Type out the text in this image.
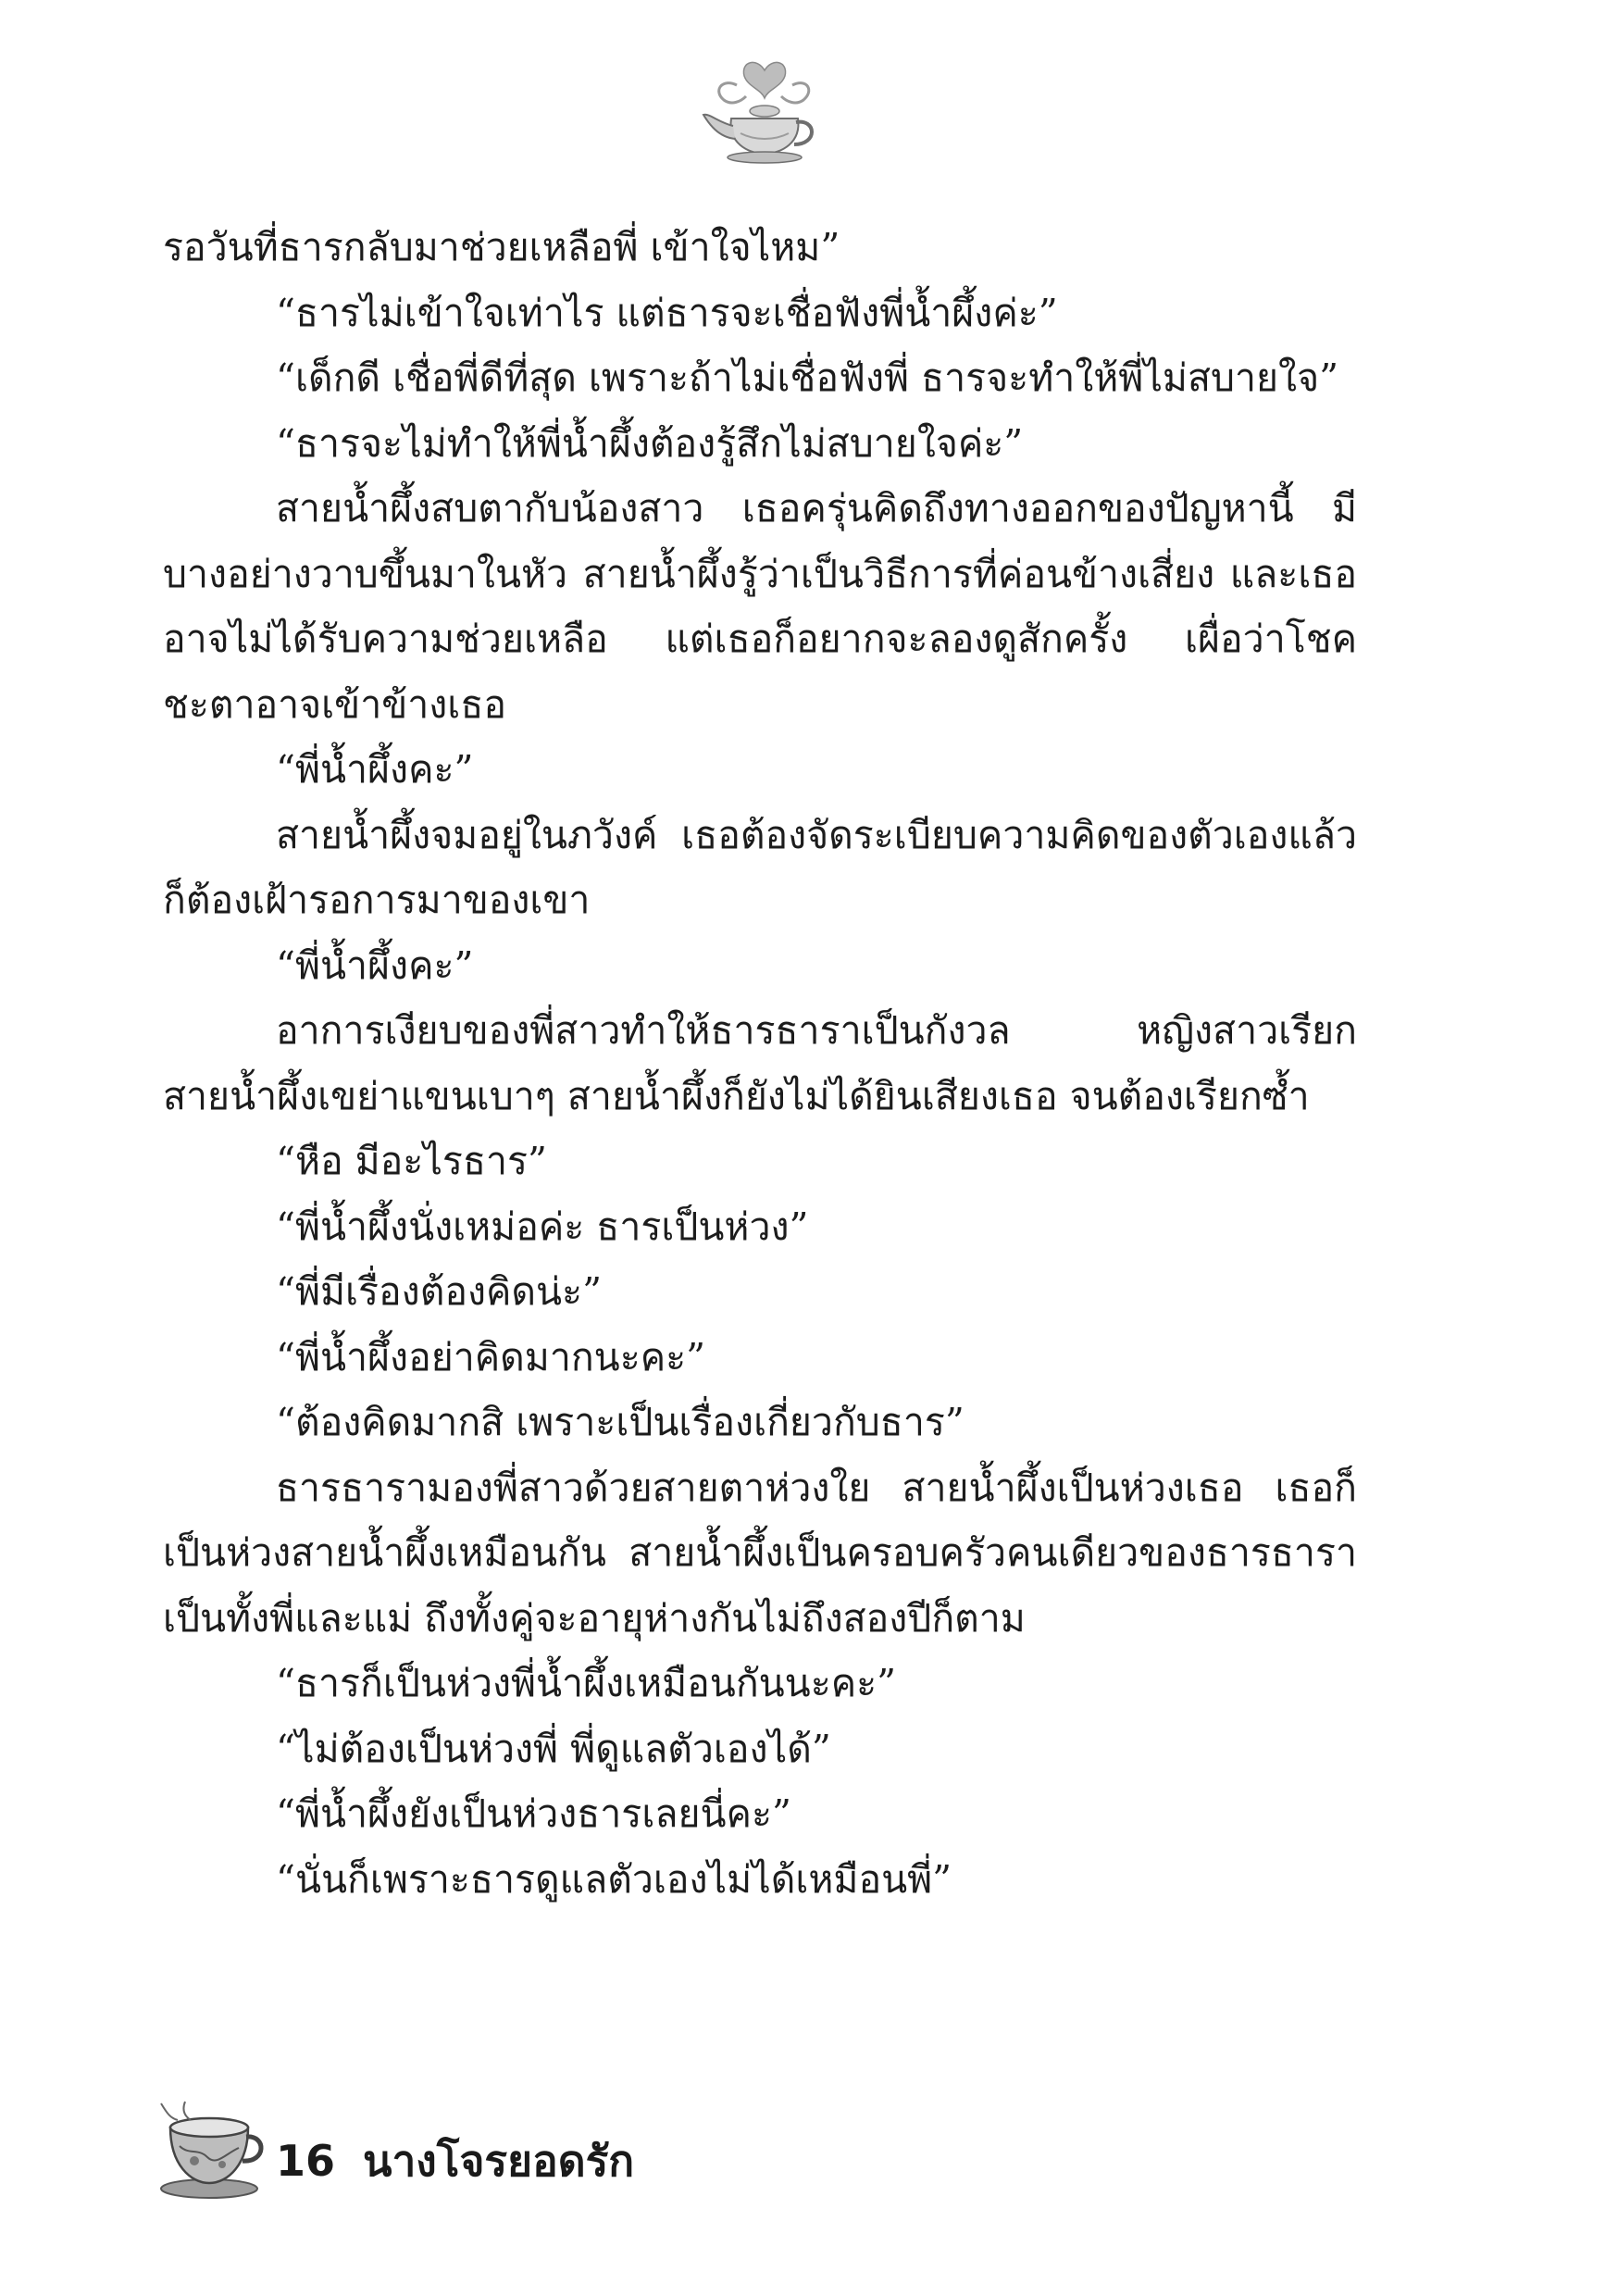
รอวันที่ธารกลับมาช่วยเหลือพี่ เข้าใจไหม”

“ธารไม่เข้าใจเท่าไร แต่ธารจะเชื่อฟังพี่น้ำผึ้งค่ะ”

“เด็กดี เชื่อพี่ดีที่สุด เพราะถ้าไม่เชื่อฟังพี่ ธารจะทำให้พี่ไม่สบายใจ”

“ธารจะไม่ทำให้พี่น้ำผึ้งต้องรู้สึกไม่สบายใจค่ะ”

สายน้ำผึ้งสบตากับน้องสาว เธอครุ่นคิดถึงทางออกของปัญหานี้ มีบางอย่างวาบขึ้นมาในหัว สายน้ำผึ้งรู้ว่าเป็นวิธีการที่ค่อนข้างเสี่ยง และเธออาจไม่ได้รับความช่วยเหลือ แต่เธอก็อยากจะลองดูสักครั้ง เผื่อว่าโชคชะตาอาจเข้าข้างเธอ

“พี่น้ำผึ้งคะ”

สายน้ำผึ้งจมอยู่ในภวังค์ เธอต้องจัดระเบียบความคิดของตัวเองแล้วก็ต้องเฝ้ารอการมาของเขา

“พี่น้ำผึ้งคะ”

อาการเงียบของพี่สาวทำให้ธารธาราเป็นกังวล หญิงสาวเรียกสายน้ำผึ้งเขย่าแขนเบาๆ สายน้ำผึ้งก็ยังไม่ได้ยินเสียงเธอ จนต้องเรียกซ้ำ

“หือ มีอะไรธาร”

“พี่น้ำผึ้งนั่งเหม่อค่ะ ธารเป็นห่วง”

“พี่มีเรื่องต้องคิดน่ะ”

“พี่น้ำผึ้งอย่าคิดมากนะคะ”

“ต้องคิดมากสิ เพราะเป็นเรื่องเกี่ยวกับธาร”

ธารธารามองพี่สาวด้วยสายตาห่วงใย สายน้ำผึ้งเป็นห่วงเธอ เธอก็เป็นห่วงสายน้ำผึ้งเหมือนกัน สายน้ำผึ้งเป็นครอบครัวคนเดียวของธารธาราเป็นทั้งพี่และแม่ ถึงทั้งคู่จะอายุห่างกันไม่ถึงสองปีก็ตาม

“ธารก็เป็นห่วงพี่น้ำผึ้งเหมือนกันนะคะ”

“ไม่ต้องเป็นห่วงพี่ พี่ดูแลตัวเองได้”

“พี่น้ำผึ้งยังเป็นห่วงธารเลยนี่คะ”

“นั่นก็เพราะธารดูแลตัวเองไม่ได้เหมือนพี่”

16 นางโจรยอดรัก
